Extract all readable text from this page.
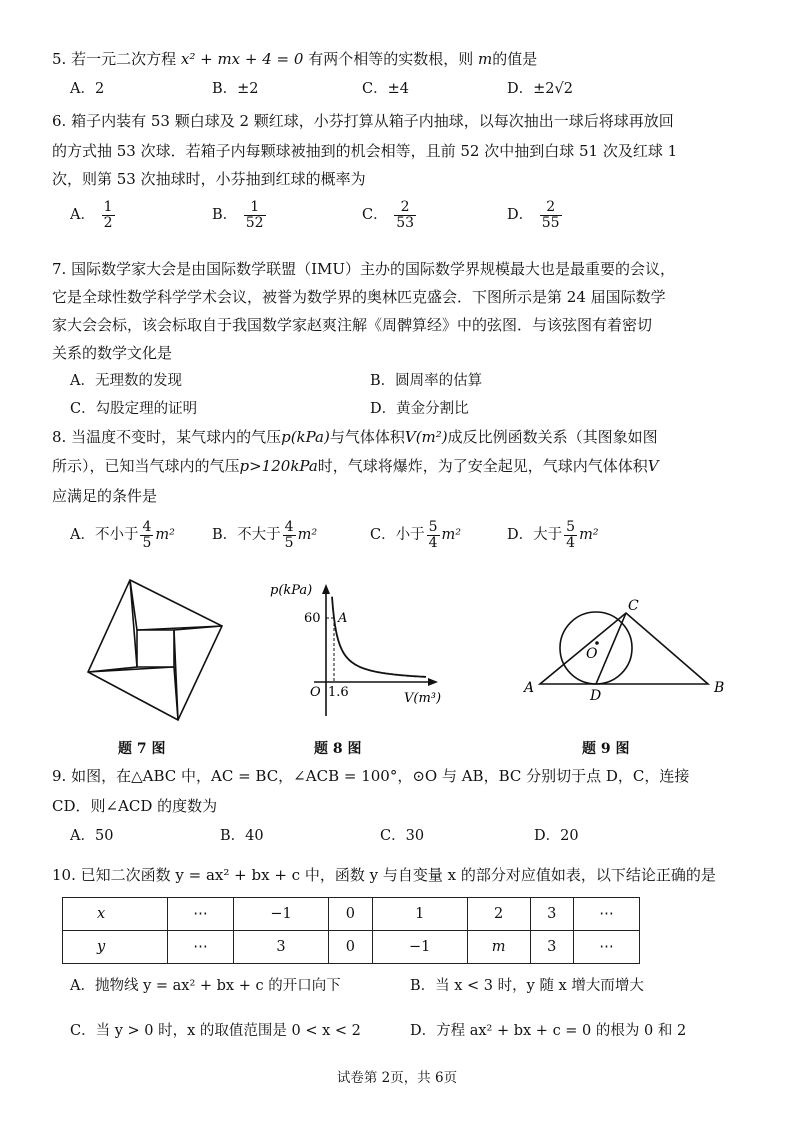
5. 若一元二次方程 x² + mx + 4 = 0 有两个相等的实数根，则 m的值是
A．2	B．±2	C．±4	D．±2√2
6. 箱子内装有 53 颗白球及 2 颗红球，小芬打算从箱子内抽球，以每次抽出一球后将球再放回
的方式抽 53 次球．若箱子内每颗球被抽到的机会相等，且前 52 次中抽到白球 51 次及红球 1
次，则第 53 次抽球时，小芬抽到红球的概率为
A． $\frac{1}{2}$	B． $\frac{1}{52}$	C． $\frac{2}{53}$	D． $\frac{2}{55}$
7. 国际数学家大会是由国际数学联盟（IMU）主办的国际数学界规模最大也是最重要的会议，
它是全球性数学科学学术会议，被誉为数学界的奥林匹克盛会．下图所示是第 24 届国际数学
家大会会标，该会标取自于我国数学家赵爽注解《周髀算经》中的弦图．与该弦图有着密切
关系的数学文化是
A．无理数的发现	B．圆周率的估算
C．勾股定理的证明	D．黄金分割比
8. 当温度不变时，某气球内的气压p(kPa)与气体体积V(m²)成反比例函数关系（其图象如图
所示），已知当气球内的气压p>120kPa时，气球将爆炸，为了安全起见，气球内气体体积V
应满足的条件是
A．不小于 $\frac{4}{5} m^2$	B．不大于 $\frac{4}{5} m^2$	C．小于 $\frac{5}{4} m^2$	D．大于 $\frac{5}{4} m^2$
题 7 图
p(kPa)
60 A
O 1.6	V(m³)
题 8 图
C
O
A	D	B
题 9 图
9. 如图，在△ABC 中，AC = BC，∠ACB = 100°，⊙O 与 AB，BC 分别切于点 D，C，连接
CD．则∠ACD 的度数为
A．50	B．40	C．30	D．20
10. 已知二次函数 y = ax² + bx + c 中，函数 y 与自变量 x 的部分对应值如表，以下结论正确的是
x	⋯	−1	0	1	2	3	⋯
y	⋯	3	0	−1	m	3	⋯
A．抛物线 y = ax² + bx + c 的开口向下	B．当 x < 3 时，y 随 x 增大而增大
C．当 y > 0 时，x 的取值范围是 0 < x < 2	D．方程 ax² + bx + c = 0 的根为 0 和 2
试卷第 2页，共 6页
